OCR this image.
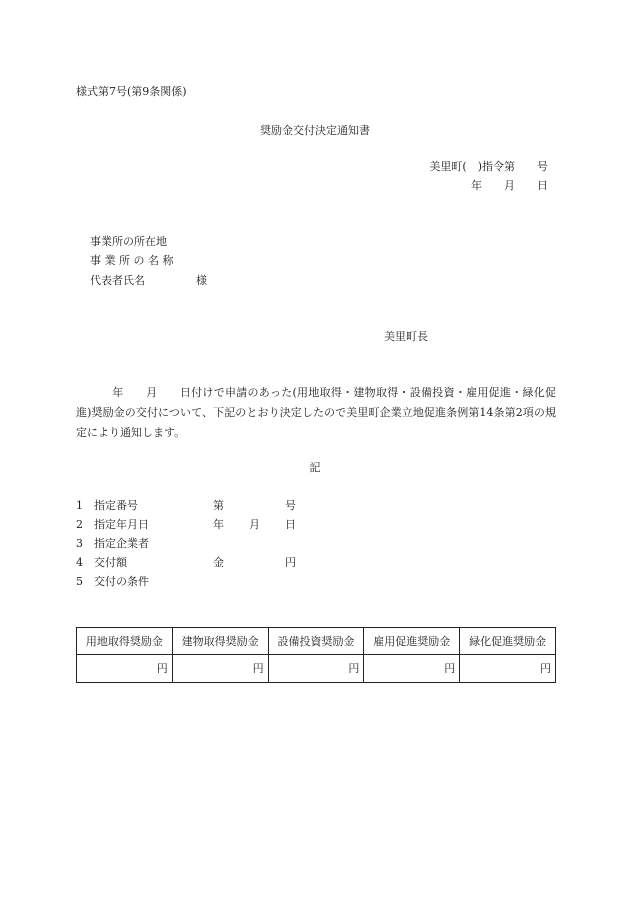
様式第7号(第9条関係)
奨励金交付決定通知書
美里町(　)指令第　　号
年　　月　　日
事業所の所在地
事 業 所 の 名 称
代表者氏名	様
美里町長
年　　月　　日付けで申請のあった(用地取得・建物取得・設備投資・雇用促進・緑化促進)奨励金の交付について、下記のとおり決定したので美里町企業立地促進条例第14条第2項の規定により通知します。
記
1 指定番号	第	号
2 指定年月日	年 月 日
3 指定企業者
4 交付額	金	円
5 交付の条件
用地取得奨励金	建物取得奨励金	設備投資奨励金	雇用促進奨励金	緑化促進奨励金
円	円	円	円	円
